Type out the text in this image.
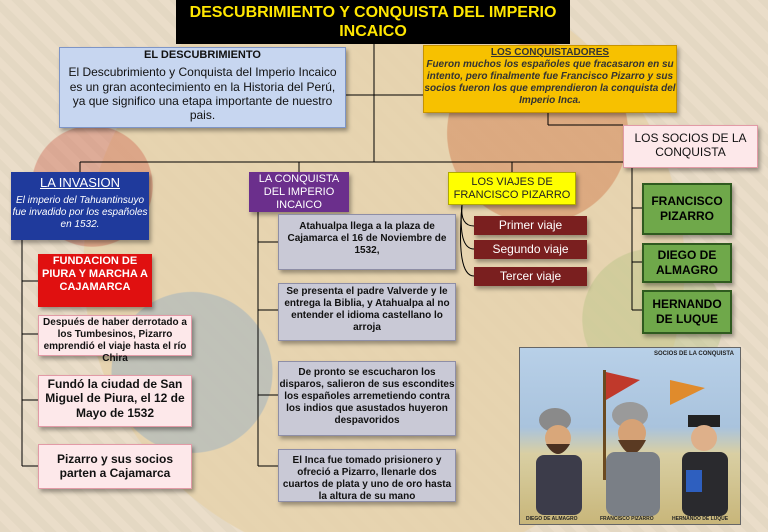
DESCUBRIMIENTO Y CONQUISTA DEL IMPERIO INCAICO
EL DESCUBRIMIENTO
El Descubrimiento y Conquista del Imperio Incaico es un gran acontecimiento en la Historia del Perú, ya que significo una etapa importante de nuestro pais.
LOS CONQUISTADORES
Fueron muchos los españoles que fracasaron en su intento, pero finalmente fue Francisco Pizarro y sus socios fueron los que emprendieron la conquista del Imperio Inca.
LOS SOCIOS DE LA CONQUISTA
FRANCISCO PIZARRO
DIEGO DE ALMAGRO
HERNANDO DE LUQUE
LA INVASION
El imperio del Tahuantinsuyo fue invadido por los españoles en 1532.
FUNDACION DE PIURA Y MARCHA A CAJAMARCA
Después de haber derrotado a los Tumbesinos, Pizarro emprendió el viaje hasta el río Chira
Fundó la ciudad de San Miguel de Piura, el 12 de Mayo de 1532
Pizarro y sus socios parten a Cajamarca
LA CONQUISTA DEL IMPERIO INCAICO
Atahualpa llega a la plaza de Cajamarca el 16 de Noviembre de 1532,
Se presenta el padre Valverde y le entrega la Biblia, y Atahualpa al no entender el idioma castellano lo arroja
De pronto se escucharon los disparos, salieron de sus escondites los españoles arremetiendo contra los indios que asustados huyeron despavoridos
El Inca fue tomado prisionero y ofreció a Pizarro, llenarle dos cuartos de plata y uno de oro hasta la altura de su mano
LOS VIAJES DE FRANCISCO PIZARRO
Primer viaje
Segundo viaje
Tercer viaje
SOCIOS DE LA CONQUISTA
DIEGO DE ALMAGRO	FRANCISCO PIZARRO	HERNANDO DE LUQUE
